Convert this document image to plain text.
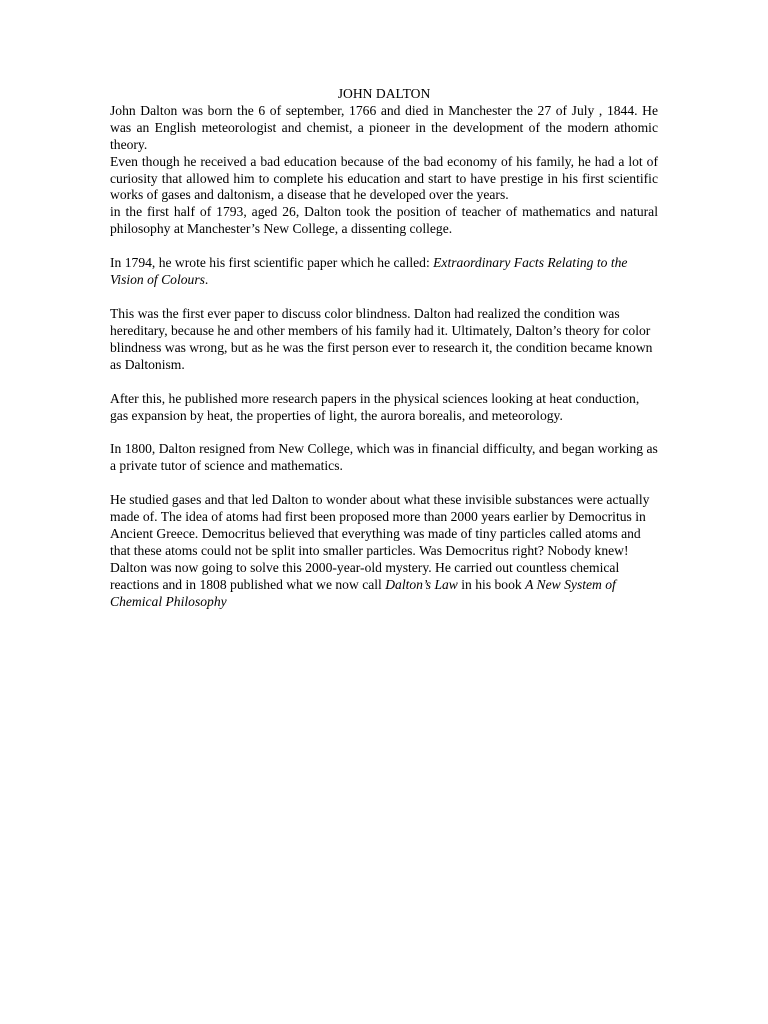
JOHN DALTON

John Dalton was born the 6 of september, 1766 and died in Manchester the 27 of July , 1844. He was an English meteorologist and chemist, a pioneer in the development of the modern athomic theory.

Even though he received a bad education because of the bad economy of his family, he had a lot of curiosity that allowed him to complete his education and start to have prestige in his first scientific works of gases and daltonism, a disease that he developed over the years.

in the first half of 1793, aged 26, Dalton took the position of teacher of mathematics and natural philosophy at Manchester’s New College, a dissenting college.

In 1794, he wrote his first scientific paper which he called: Extraordinary Facts Relating to the Vision of Colours.

This was the first ever paper to discuss color blindness. Dalton had realized the condition was hereditary, because he and other members of his family had it. Ultimately, Dalton’s theory for color blindness was wrong, but as he was the first person ever to research it, the condition became known as Daltonism.

After this, he published more research papers in the physical sciences looking at heat conduction, gas expansion by heat, the properties of light, the aurora borealis, and meteorology.

In 1800, Dalton resigned from New College, which was in financial difficulty, and began working as a private tutor of science and mathematics.

He studied gases and that led Dalton to wonder about what these invisible substances were actually made of. The idea of atoms had first been proposed more than 2000 years earlier by Democritus in Ancient Greece. Democritus believed that everything was made of tiny particles called atoms and that these atoms could not be split into smaller particles. Was Democritus right? Nobody knew! Dalton was now going to solve this 2000-year-old mystery. He carried out countless chemical reactions and in 1808 published what we now call Dalton’s Law in his book A New System of Chemical Philosophy
